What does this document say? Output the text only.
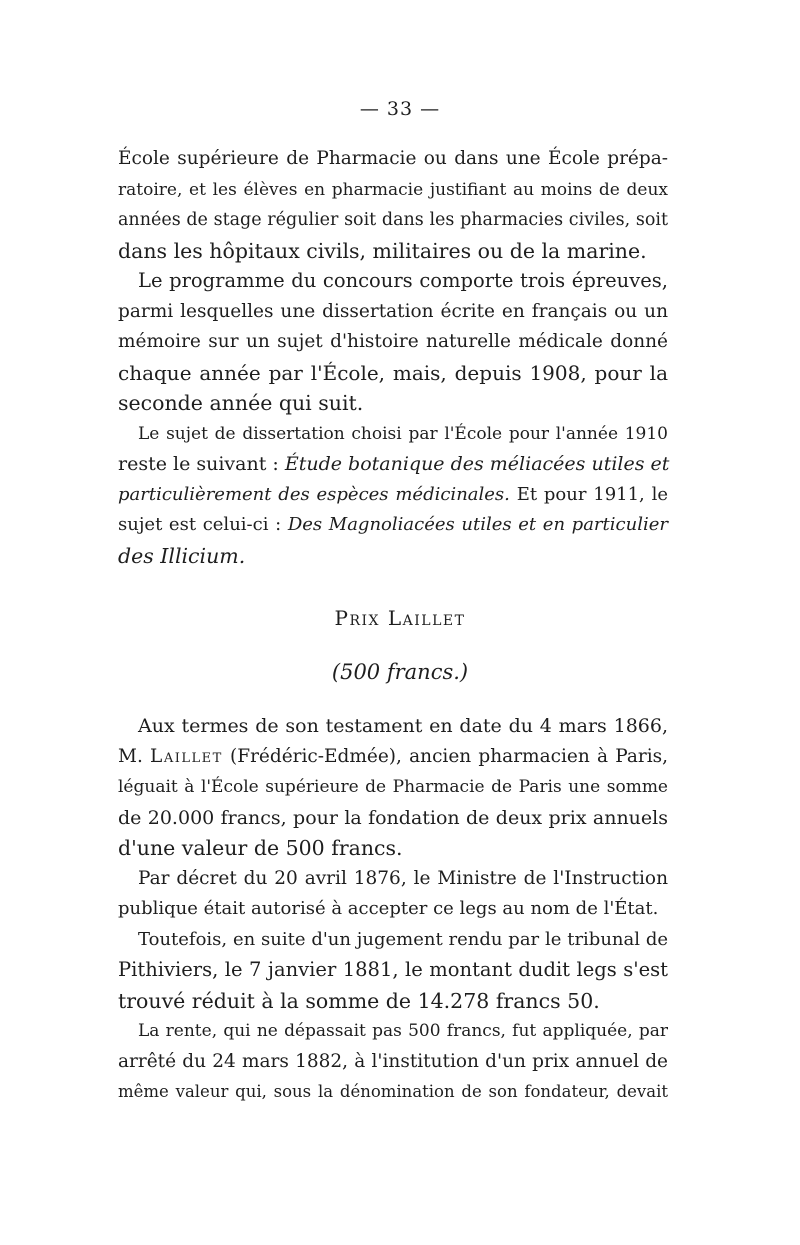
— 33 —
École supérieure de Pharmacie ou dans une École prépa-
ratoire, et les élèves en pharmacie justifiant au moins de deux
années de stage régulier soit dans les pharmacies civiles, soit
dans les hôpitaux civils, militaires ou de la marine.
Le programme du concours comporte trois épreuves,
parmi lesquelles une dissertation écrite en français ou un
mémoire sur un sujet d'histoire naturelle médicale donné
chaque année par l'École, mais, depuis 1908, pour la
seconde année qui suit.
Le sujet de dissertation choisi par l'École pour l'année 1910
reste le suivant : Étude botanique des méliacées utiles et
particulièrement des espèces médicinales. Et pour 1911, le
sujet est celui-ci : Des Magnoliacées utiles et en particulier
des Illicium.
Prix Laillet
(500 francs.)
Aux termes de son testament en date du 4 mars 1866,
M. Laillet (Frédéric-Edmée), ancien pharmacien à Paris,
léguait à l'École supérieure de Pharmacie de Paris une somme
de 20.000 francs, pour la fondation de deux prix annuels
d'une valeur de 500 francs.
Par décret du 20 avril 1876, le Ministre de l'Instruction
publique était autorisé à accepter ce legs au nom de l'État.
Toutefois, en suite d'un jugement rendu par le tribunal de
Pithiviers, le 7 janvier 1881, le montant dudit legs s'est
trouvé réduit à la somme de 14.278 francs 50.
La rente, qui ne dépassait pas 500 francs, fut appliquée, par
arrêté du 24 mars 1882, à l'institution d'un prix annuel de
même valeur qui, sous la dénomination de son fondateur, devait
